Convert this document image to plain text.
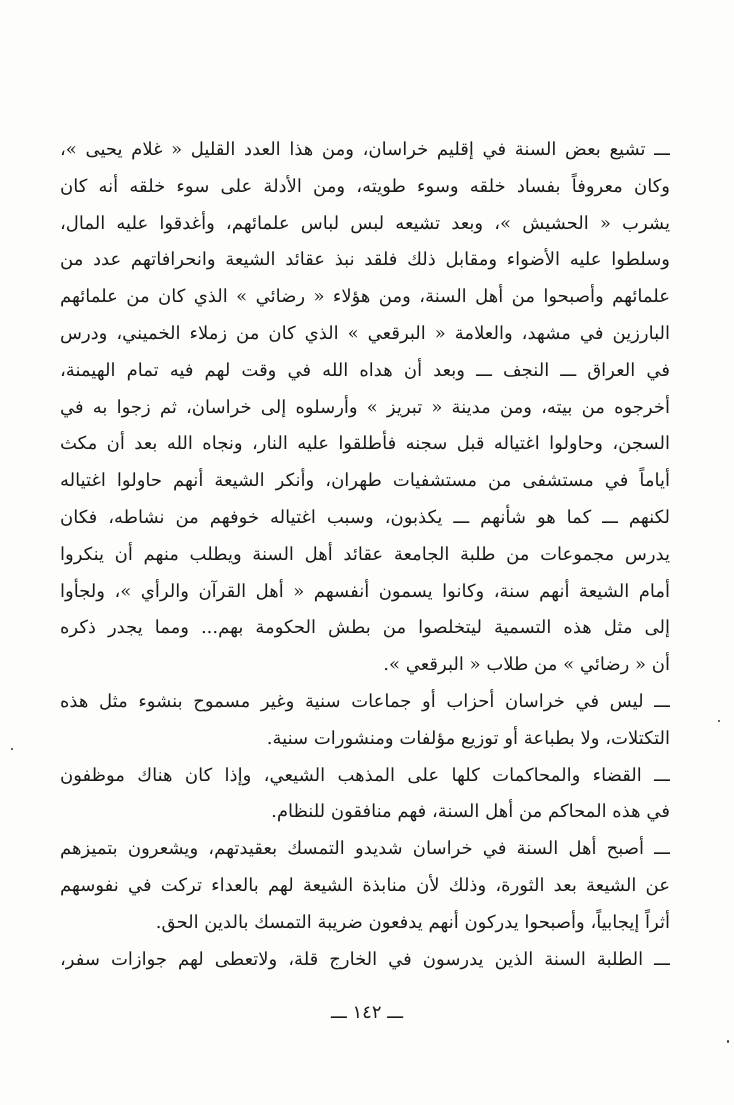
ـــ تشيع بعض السنة في إقليم خراسان، ومن هذا العدد القليل « غلام يحيى »،
وكان معروفاً بفساد خلقه وسوء طويته، ومن الأدلة على سوء خلقه أنه كان
يشرب « الحشيش »، وبعد تشيعه لبس لباس علمائهم، وأغدقوا عليه المال،
وسلطوا عليه الأضواء ومقابل ذلك فلقد نبذ عقائد الشيعة وانحرافاتهم عدد من
علمائهم وأصبحوا من أهل السنة، ومن هؤلاء « رضائي » الذي كان من علمائهم
البارزين في مشهد، والعلامة « البرقعي » الذي كان من زملاء الخميني، ودرس
في العراق ـــ النجف ـــ وبعد أن هداه الله في وقت لهم فيه تمام الهيمنة،
أخرجوه من بيته، ومن مدينة « تبريز » وأرسلوه إلى خراسان، ثم زجوا به في
السجن، وحاولوا اغتياله قبل سجنه فأطلقوا عليه النار، ونجاه الله بعد أن مكث
أياماً في مستشفى من مستشفيات طهران، وأنكر الشيعة أنهم حاولوا اغتياله
لكنهم ـــ كما هو شأنهم ـــ يكذبون، وسبب اغتياله خوفهم من نشاطه، فكان
يدرس مجموعات من طلبة الجامعة عقائد أهل السنة ويطلب منهم أن ينكروا
أمام الشيعة أنهم سنة، وكانوا يسمون أنفسهم « أهل القرآن والرأي »، ولجأوا
إلى مثل هذه التسمية ليتخلصوا من بطش الحكومة بهم... ومما يجدر ذكره
أن « رضائي » من طلاب « البرقعي ».
ـــ ليس في خراسان أحزاب أو جماعات سنية وغير مسموح بنشوء مثل هذه
التكتلات، ولا بطباعة أو توزيع مؤلفات ومنشورات سنية.
ـــ القضاء والمحاكمات كلها على المذهب الشيعي، وإذا كان هناك موظفون
في هذه المحاكم من أهل السنة، فهم منافقون للنظام.
ـــ أصبح أهل السنة في خراسان شديدو التمسك بعقيدتهم، ويشعرون بتميزهم
عن الشيعة بعد الثورة، وذلك لأن منابذة الشيعة لهم بالعداء تركت في نفوسهم
أثراً إيجابياً، وأصبحوا يدركون أنهم يدفعون ضريبة التمسك بالدين الحق.
ـــ الطلبة السنة الذين يدرسون في الخارج قلة، ولاتعطى لهم جوازات سفر،
ـــ ١٤٢ ـــ
